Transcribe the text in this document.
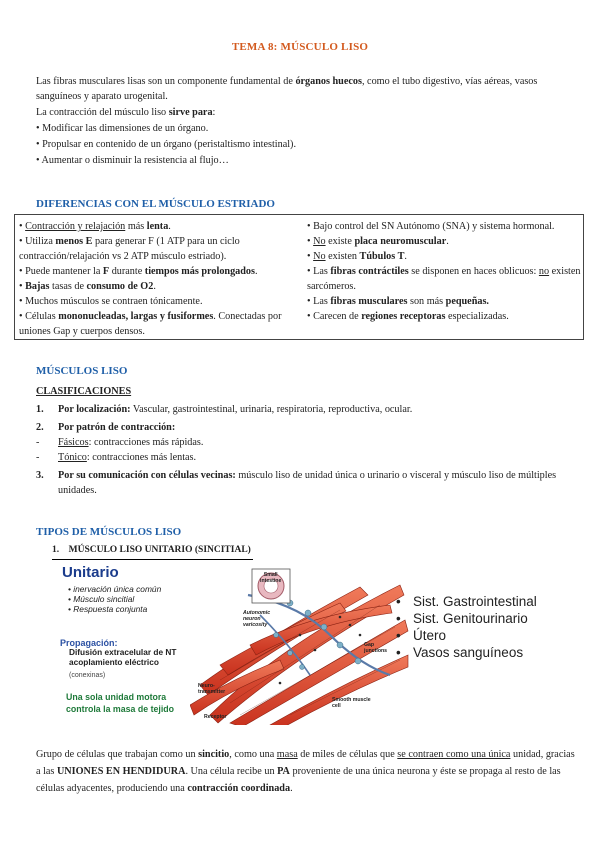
TEMA 8: MÚSCULO LISO

Las fibras musculares lisas son un componente fundamental de órganos huecos, como el tubo digestivo, vías aéreas, vasos sanguíneos y aparato urogenital.

La contracción del músculo liso sirve para:

• Modificar las dimensiones de un órgano.

• Propulsar en contenido de un órgano (peristaltismo intestinal).

• Aumentar o disminuir la resistencia al flujo…

DIFERENCIAS CON EL MÚSCULO ESTRIADO

• Contracción y relajación más lenta.

• Utiliza menos E para generar F (1 ATP para un ciclo contracción/relajación vs 2 ATP músculo estriado).

• Puede mantener la F durante tiempos más prolongados.

• Bajas tasas de consumo de O2.

• Muchos músculos se contraen tónicamente.

• Células mononucleadas, largas y fusiformes. Conectadas por uniones Gap y cuerpos densos.

• Bajo control del SN Autónomo (SNA) y sistema hormonal.

• No existe placa neuromuscular.

• No existen Túbulos T.

• Las fibras contráctiles se disponen en haces oblicuos: no existen sarcómeros.

• Las fibras musculares son más pequeñas.

• Carecen de regiones receptoras especializadas.

MÚSCULOS LISO

CLASIFICACIONES

1.	Por localización: Vascular, gastrointestinal, urinaria, respiratoria, reproductiva, ocular.
2.	Por patrón de contracción:
-	Fásicos: contracciones más rápidas.
-	Tónico: contracciones más lentas.
3.	Por su comunicación con células vecinas: músculo liso de unidad única o urinario o visceral y músculo liso de múltiples unidades.
TIPOS DE MÚSCULOS LISO
1.    MÚSCULO LISO UNITARIO (SINCITIAL)
Unitario
• inervación única común
• Músculo sincitial
• Respuesta conjunta
Propagación:
Difusión extracelular de NT
acoplamiento eléctrico
(conexinas)
Una sola unidad motora
controla la masa de tejido
Small
intestine
Autonomic
neuron
varicosity
Gap
junctions
Neuro-
transmitter
Smooth muscle
cell
Receptor
• Sist. Gastrointestinal
• Sist. Genitourinario
• Útero
• Vasos sanguíneos

Grupo de células que trabajan como un sincitio, como una masa de miles de células que se contraen como una única unidad, gracias a las UNIONES EN HENDIDURA. Una célula recibe un PA proveniente de una única neurona y éste se propaga al resto de las células adyacentes, produciendo una contracción coordinada.
